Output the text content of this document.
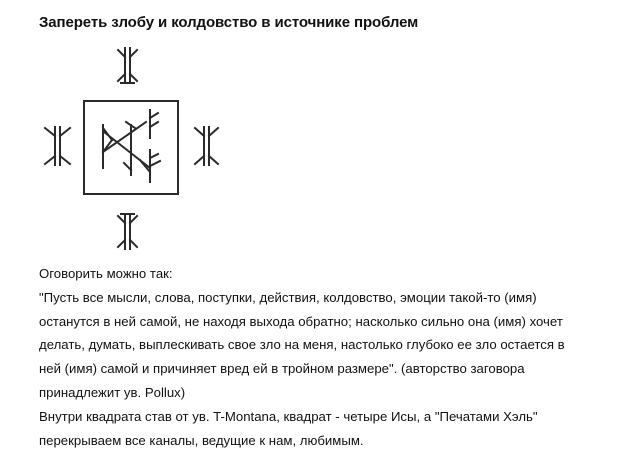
Запереть злобу и колдовство в источнике проблем
Оговорить можно так:
"Пусть все мысли, слова, поступки, действия, колдовство, эмоции такой-то (имя)
останутся в ней самой, не находя выхода обратно; насколько сильно она (имя) хочет
делать, думать, выплескивать свое зло на меня, настолько глубоко ее зло остается в
ней (имя) самой и причиняет вред ей в тройном размере". (авторство заговора
принадлежит ув. Pollux)
Внутри квадрата став от ув. T-Montana, квадрат - четыре Исы, а "Печатами Хэль"
перекрываем все каналы, ведущие к нам, любимым.
